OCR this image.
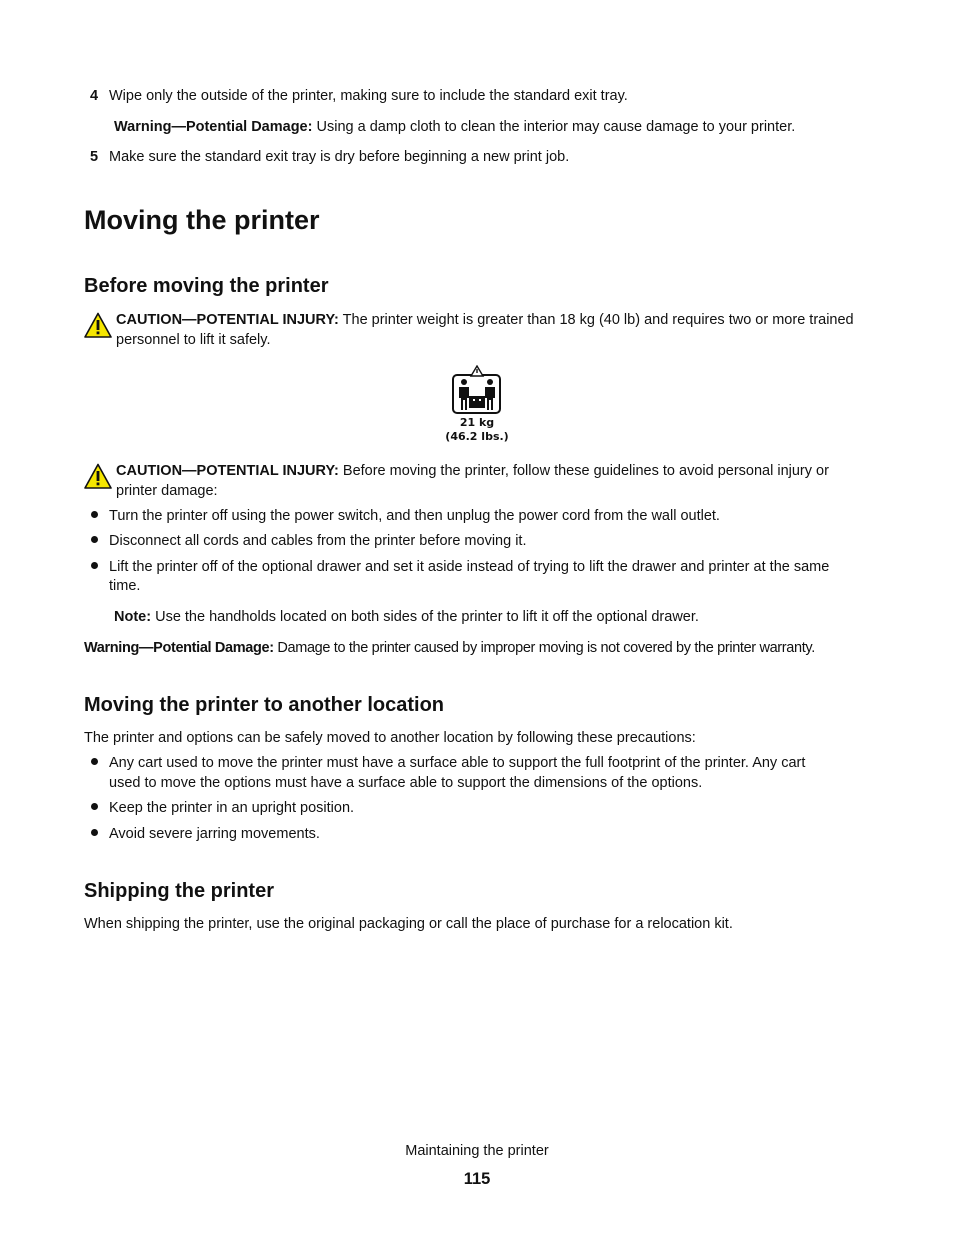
4 Wipe only the outside of the printer, making sure to include the standard exit tray.
Warning—Potential Damage: Using a damp cloth to clean the interior may cause damage to your printer.
5 Make sure the standard exit tray is dry before beginning a new print job.
Moving the printer
Before moving the printer
CAUTION—POTENTIAL INJURY: The printer weight is greater than 18 kg (40 lb) and requires two or more trained
personnel to lift it safely.
21 kg
(46.2 lbs.)
CAUTION—POTENTIAL INJURY: Before moving the printer, follow these guidelines to avoid personal injury or
printer damage:
Turn the printer off using the power switch, and then unplug the power cord from the wall outlet.
Disconnect all cords and cables from the printer before moving it.
Lift the printer off of the optional drawer and set it aside instead of trying to lift the drawer and printer at the same
time.
Note: Use the handholds located on both sides of the printer to lift it off the optional drawer.
Warning—Potential Damage: Damage to the printer caused by improper moving is not covered by the printer warranty.
Moving the printer to another location
The printer and options can be safely moved to another location by following these precautions:
Any cart used to move the printer must have a surface able to support the full footprint of the printer. Any cart
used to move the options must have a surface able to support the dimensions of the options.
Keep the printer in an upright position.
Avoid severe jarring movements.
Shipping the printer
When shipping the printer, use the original packaging or call the place of purchase for a relocation kit.
Maintaining the printer
115
